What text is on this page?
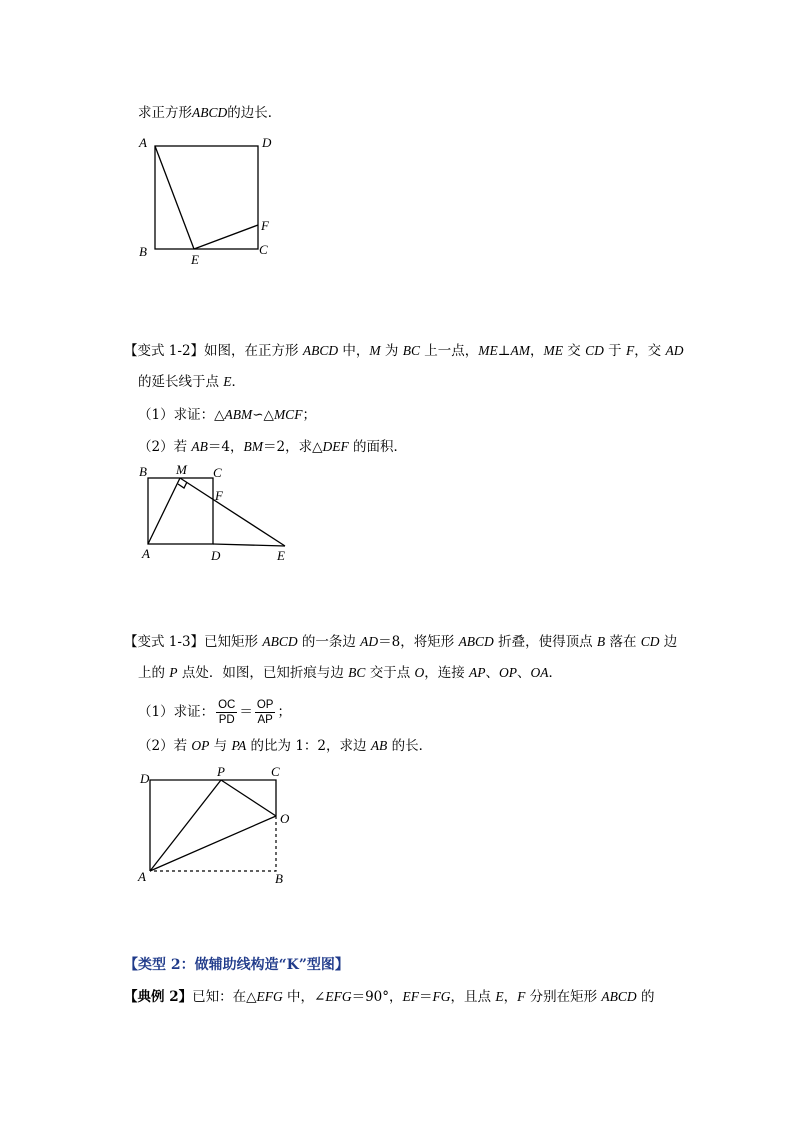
求正方形ABCD的边长．
A	D
B	C
E
F
【变式 1-2】如图，在正方形 ABCD 中，M 为 BC 上一点，ME⊥AM，ME 交 CD 于 F，交 AD
的延长线于点 E．
（1）求证：△ABM∽△MCF；
（2）若 AB＝4，BM＝2，求△DEF 的面积．
B M C
F
A	D	E
【变式 1-3】已知矩形 ABCD 的一条边 AD＝8，将矩形 ABCD 折叠，使得顶点 B 落在 CD 边
上的 P 点处．如图，已知折痕与边 BC 交于点 O，连接 AP、OP、OA．
（1）求证： $\frac{OC}{PD} = \frac{OP}{AP}$ ；
（2）若 OP 与 PA 的比为 1：2，求边 AB 的长．
D	P	C
O
A	B
【类型 2：做辅助线构造“K”型图】
【典例 2】已知：在△EFG 中，∠EFG＝90°，EF＝FG，且点 E，F 分别在矩形 ABCD 的
